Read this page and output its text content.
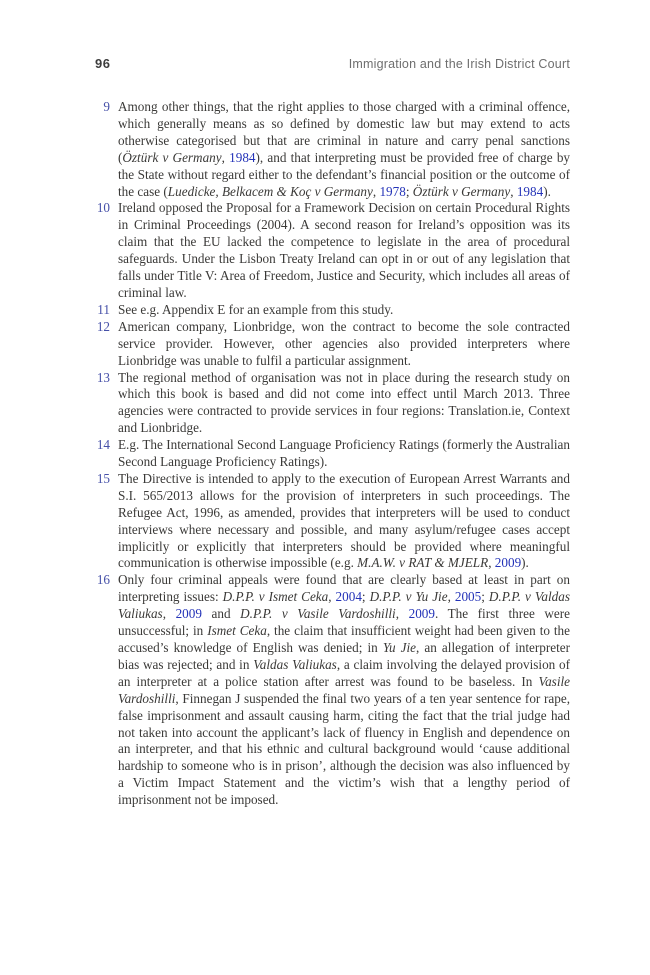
96	Immigration and the Irish District Court
9 Among other things, that the right applies to those charged with a criminal offence, which generally means as so defined by domestic law but may extend to acts otherwise categorised but that are criminal in nature and carry penal sanctions (Öztürk v Germany, 1984), and that interpreting must be provided free of charge by the State without regard either to the defendant’s financial position or the outcome of the case (Luedicke, Belkacem & Koç v Germany, 1978; Öztürk v Germany, 1984).
10 Ireland opposed the Proposal for a Framework Decision on certain Procedural Rights in Criminal Proceedings (2004). A second reason for Ireland’s opposition was its claim that the EU lacked the competence to legislate in the area of procedural safeguards. Under the Lisbon Treaty Ireland can opt in or out of any legislation that falls under Title V: Area of Freedom, Justice and Security, which includes all areas of criminal law.
11 See e.g. Appendix E for an example from this study.
12 American company, Lionbridge, won the contract to become the sole contracted service provider. However, other agencies also provided interpreters where Lionbridge was unable to fulfil a particular assignment.
13 The regional method of organisation was not in place during the research study on which this book is based and did not come into effect until March 2013. Three agencies were contracted to provide services in four regions: Translation.ie, Context and Lionbridge.
14 E.g. The International Second Language Proficiency Ratings (formerly the Australian Second Language Proficiency Ratings).
15 The Directive is intended to apply to the execution of European Arrest Warrants and S.I. 565/2013 allows for the provision of interpreters in such proceedings. The Refugee Act, 1996, as amended, provides that interpreters will be used to conduct interviews where necessary and possible, and many asylum/refugee cases accept implicitly or explicitly that interpreters should be provided where meaningful communication is otherwise impossible (e.g. M.A.W. v RAT & MJELR, 2009).
16 Only four criminal appeals were found that are clearly based at least in part on interpreting issues: D.P.P. v Ismet Ceka, 2004; D.P.P. v Yu Jie, 2005; D.P.P. v Valdas Valiukas, 2009 and D.P.P. v Vasile Vardoshilli, 2009. The first three were unsuccessful; in Ismet Ceka, the claim that insufficient weight had been given to the accused’s knowledge of English was denied; in Yu Jie, an allegation of interpreter bias was rejected; and in Valdas Valiukas, a claim involving the delayed provision of an interpreter at a police station after arrest was found to be baseless. In Vasile Vardoshilli, Finnegan J suspended the final two years of a ten year sentence for rape, false imprisonment and assault causing harm, citing the fact that the trial judge had not taken into account the applicant’s lack of fluency in English and dependence on an interpreter, and that his ethnic and cultural background would ‘cause additional hardship to someone who is in prison’, although the decision was also influenced by a Victim Impact Statement and the victim’s wish that a lengthy period of imprisonment not be imposed.
